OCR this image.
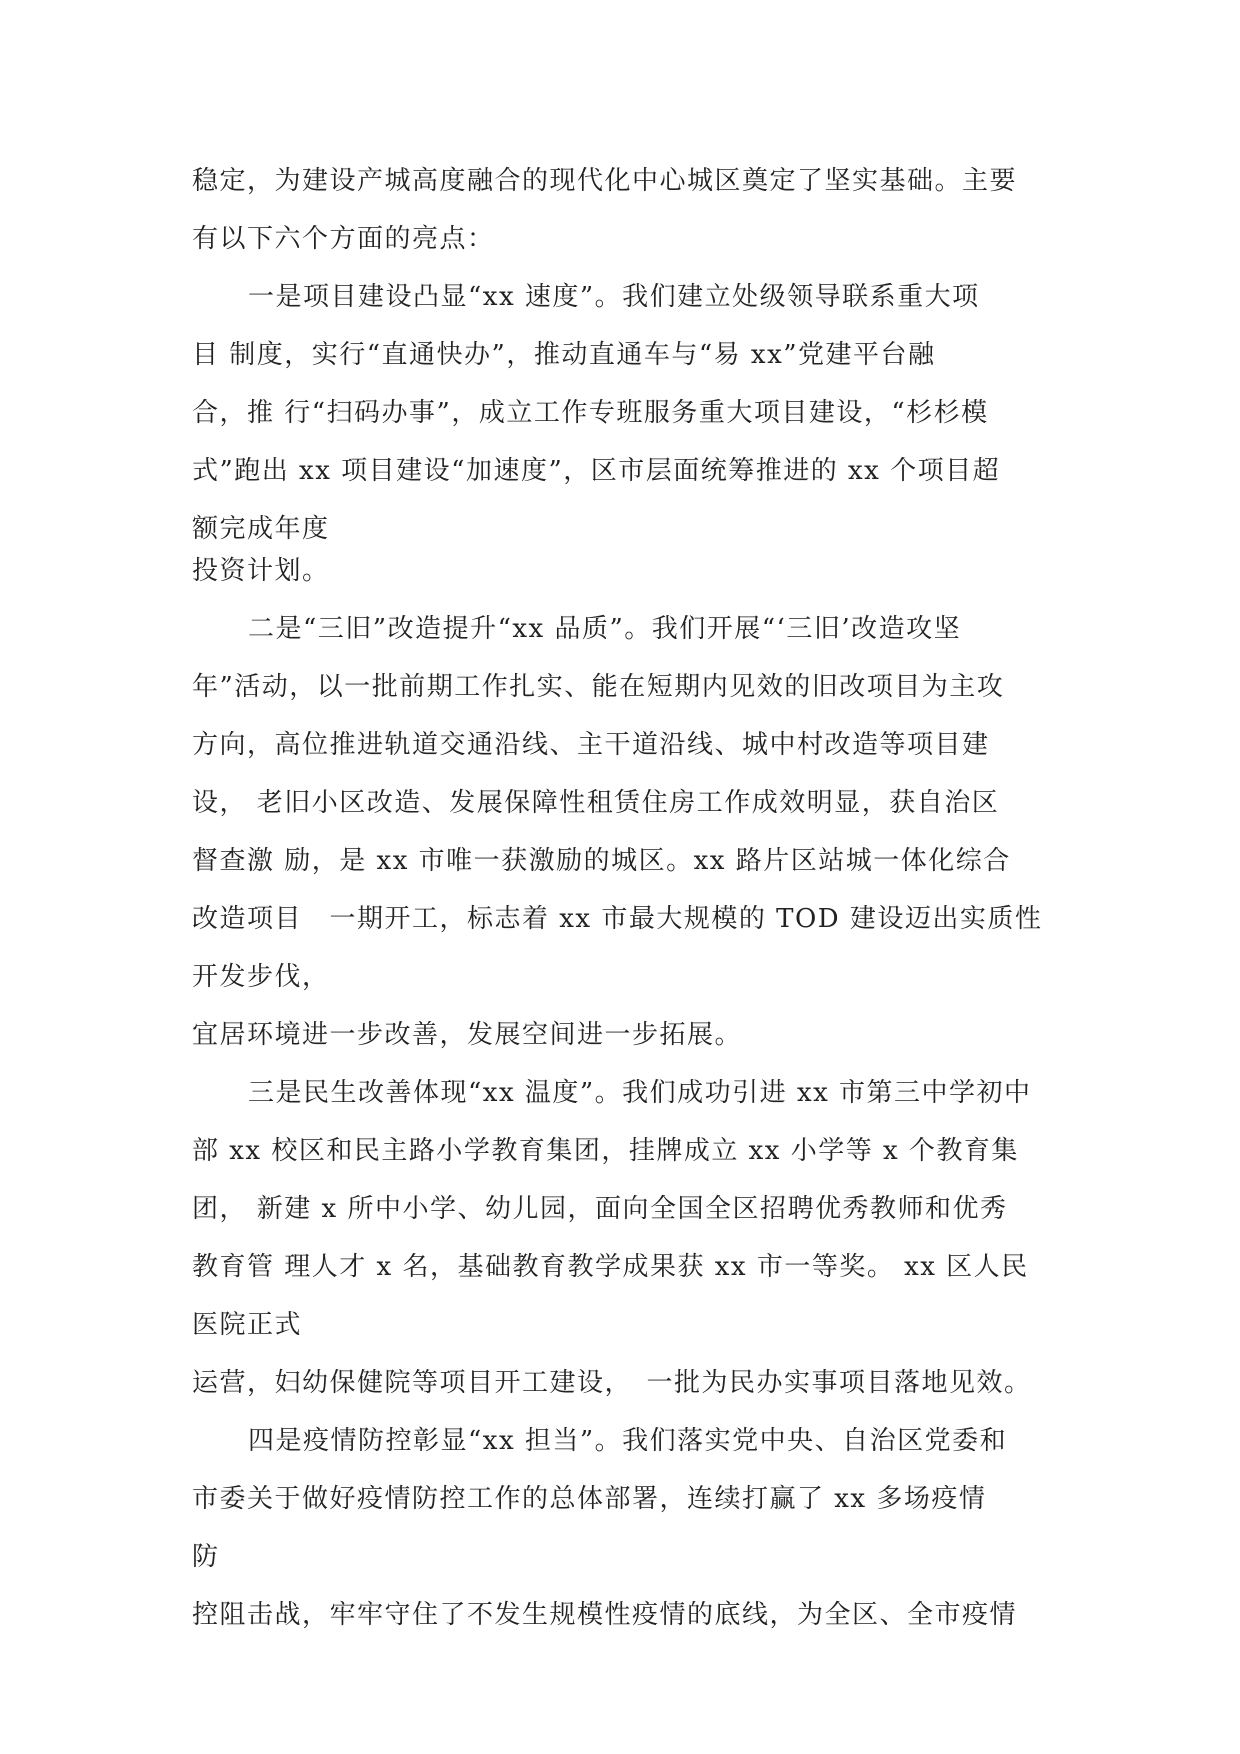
稳定，为建设产城高度融合的现代化中心城区奠定了坚实基础。主要

有以下六个方面的亮点：

一是项目建设凸显“xx 速度”。我们建立处级领导联系重大项

目 制度，实行“直通快办”，推动直通车与“易 xx”党建平台融

合，推 行“扫码办事”，成立工作专班服务重大项目建设，“杉杉模

式”跑出 xx 项目建设“加速度”，区市层面统筹推进的 xx 个项目超

额完成年度

投资计划。

二是“三旧”改造提升“xx 品质”。我们开展“‘三旧’改造攻坚

年”活动，以一批前期工作扎实、能在短期内见效的旧改项目为主攻

方向，高位推进轨道交通沿线、主干道沿线、城中村改造等项目建

设， 老旧小区改造、发展保障性租赁住房工作成效明显，获自治区

督查激 励，是 xx 市唯一获激励的城区。xx 路片区站城一体化综合

改造项目　一期开工，标志着 xx 市最大规模的 TOD 建设迈出实质性

开发步伐，

宜居环境进一步改善，发展空间进一步拓展。

三是民生改善体现“xx 温度”。我们成功引进 xx 市第三中学初中

部 xx 校区和民主路小学教育集团，挂牌成立 xx 小学等 x 个教育集

团， 新建 x 所中小学、幼儿园，面向全国全区招聘优秀教师和优秀

教育管 理人才 x 名，基础教育教学成果获 xx 市一等奖。 xx 区人民

医院正式

运营，妇幼保健院等项目开工建设，　一批为民办实事项目落地见效。

四是疫情防控彰显“xx 担当”。我们落实党中央、自治区党委和

市委关于做好疫情防控工作的总体部署，连续打赢了 xx 多场疫情

防

控阻击战，牢牢守住了不发生规模性疫情的底线，为全区、全市疫情
